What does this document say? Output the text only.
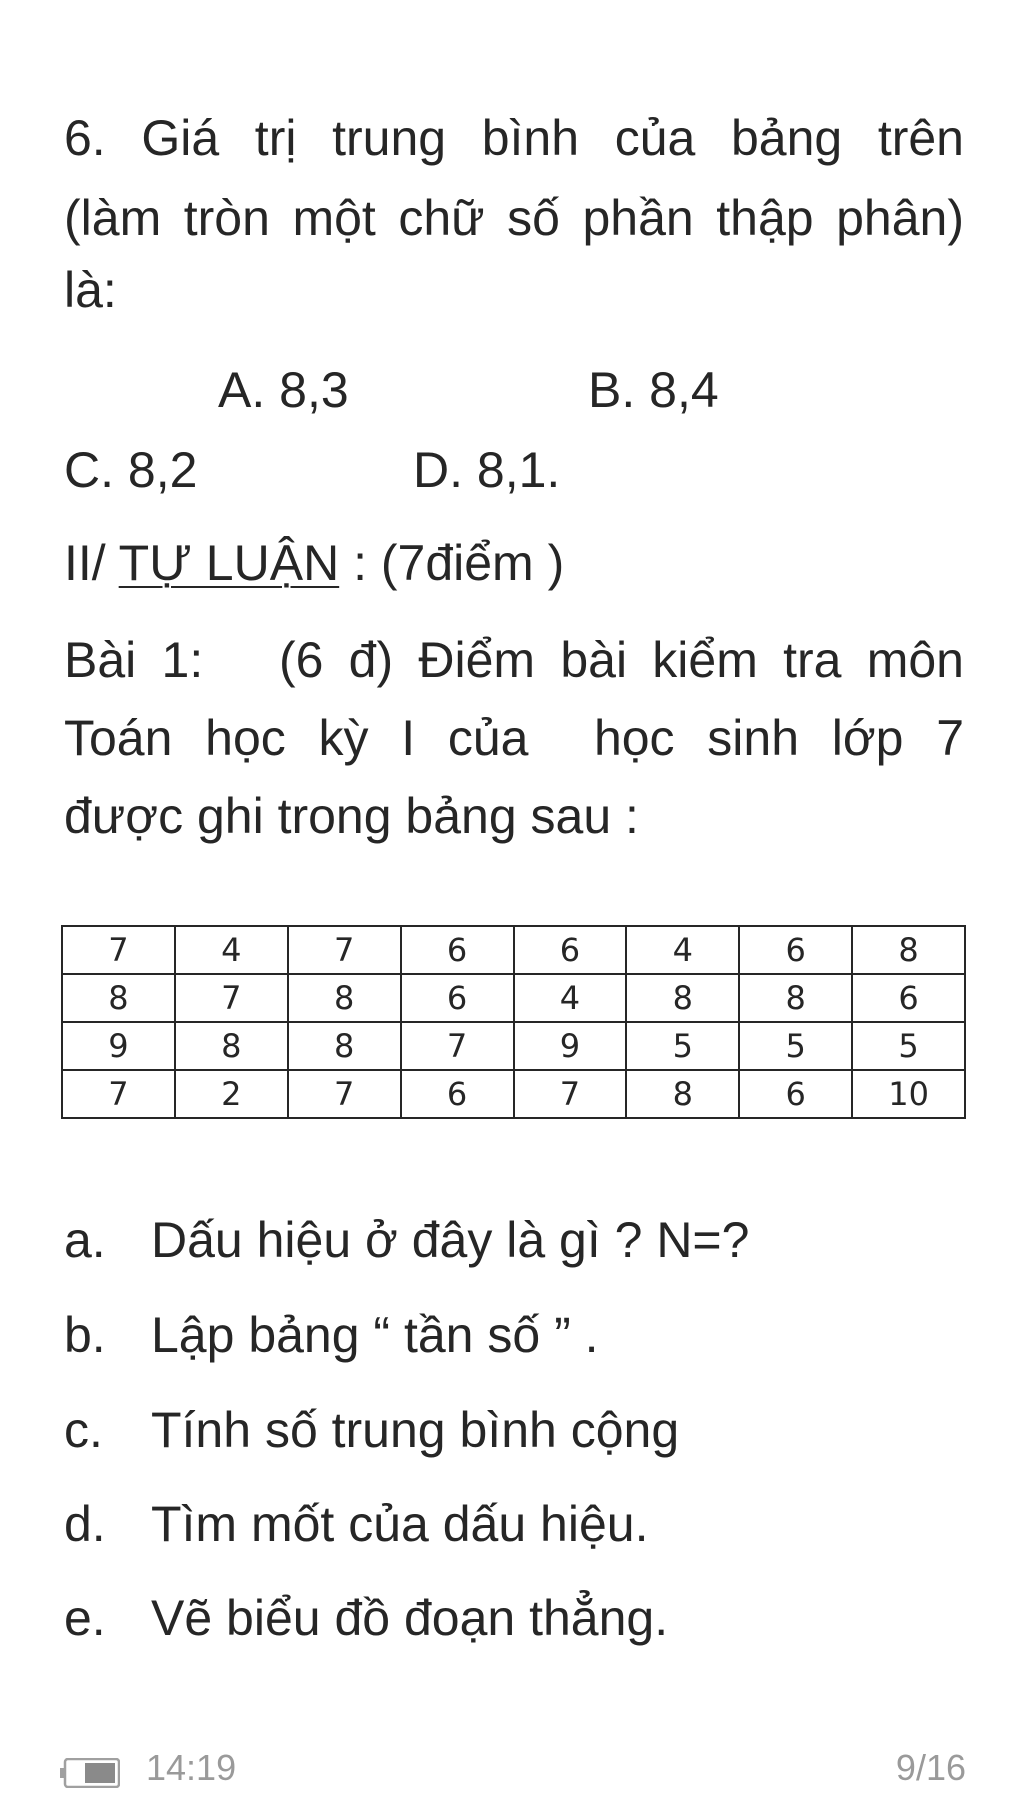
6. Giá trị trung bình của bảng trên
(làm tròn một chữ số phần thập phân)
là:
A. 8,3	B. 8,4
C. 8,2	D. 8,1.
II/ TỰ LUẬN : (7điểm )
Bài 1:   (6 đ) Điểm bài kiểm tra môn
Toán học kỳ I của  học sinh lớp 7
được ghi trong bảng sau :
7	4	7	6	6	4	6	8
8	7	8	6	4	8	8	6
9	8	8	7	9	5	5	5
7	2	7	6	7	8	6	10
a. Dấu hiệu ở đây là gì ? N=?
b. Lập bảng “ tần số ” .
c. Tính số trung bình cộng
d. Tìm mốt của dấu hiệu.
e. Vẽ biểu đồ đoạn thẳng.
14:19	9/16
